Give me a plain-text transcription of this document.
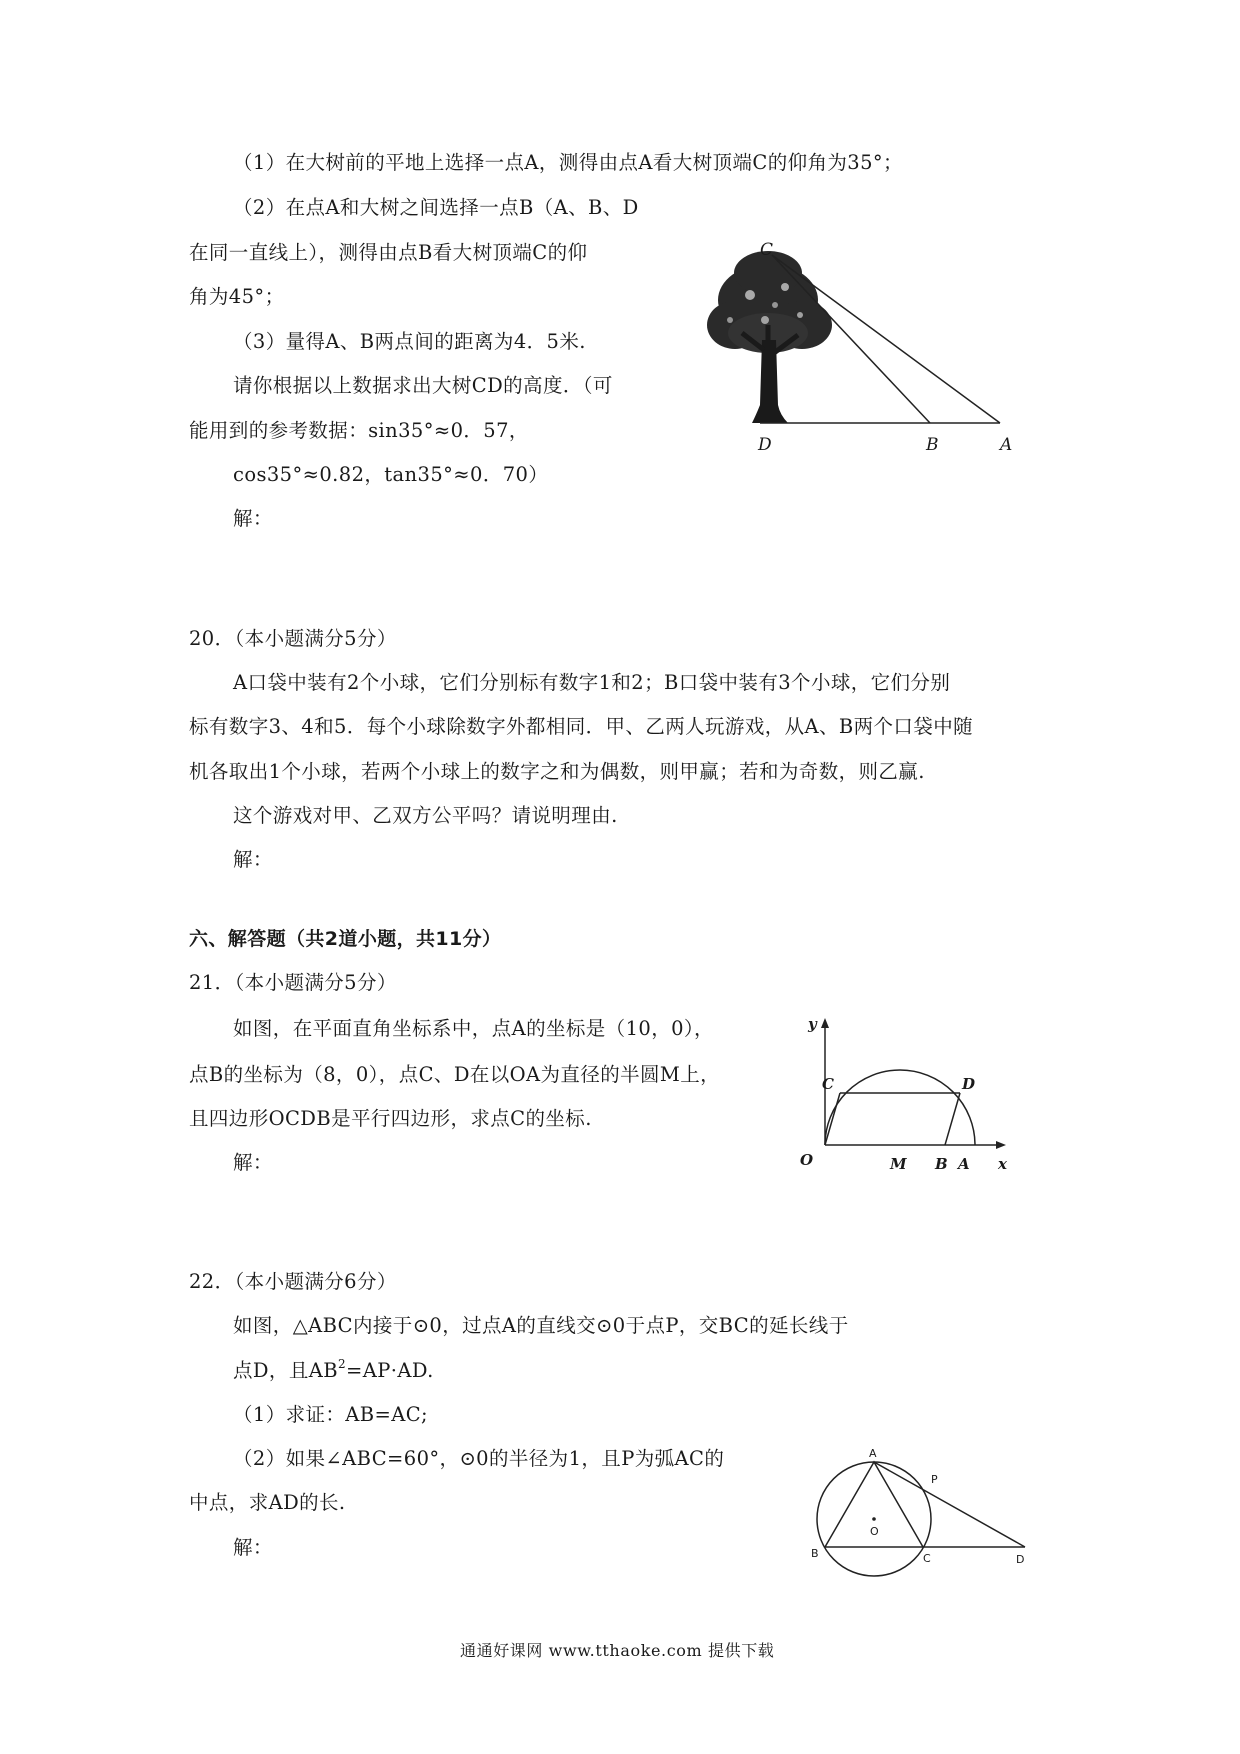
（1）在大树前的平地上选择一点A，测得由点A看大树顶端C的仰角为35°；
（2）在点A和大树之间选择一点B（A、B、D
在同一直线上），测得由点B看大树顶端C的仰
角为45°；
（3）量得A、B两点间的距离为4．5米.
请你根据以上数据求出大树CD的高度．（可
能用到的参考数据：sin35°≈0．57，
cos35°≈0.82，tan35°≈0．70）
解：
C
D	B	A
20．（本小题满分5分）
A口袋中装有2个小球，它们分别标有数字1和2；B口袋中装有3个小球，它们分别
标有数字3、4和5．每个小球除数字外都相同．甲、乙两人玩游戏，从A、B两个口袋中随
机各取出1个小球，若两个小球上的数字之和为偶数，则甲赢；若和为奇数，则乙赢.
这个游戏对甲、乙双方公平吗？请说明理由.
解：
六、解答题（共2道小题，共11分）
21．（本小题满分5分）
如图，在平面直角坐标系中，点A的坐标是（10，0），
点B的坐标为（8，0），点C、D在以OA为直径的半圆M上，
且四边形OCDB是平行四边形，求点C的坐标.
解：
y
C	D
O	M B A x
22．（本小题满分6分）
如图，△ABC内接于⊙0，过点A的直线交⊙0于点P，交BC的延长线于
点D，且$AB^2=AP\cdot AD$.
（1）求证：AB=AC;
（2）如果∠ABC=60°，⊙0的半径为1，且P为弧AC的
中点，求AD的长.
解：
A
P
O
B	C	D
通通好课网 www.tthaoke.com 提供下载
